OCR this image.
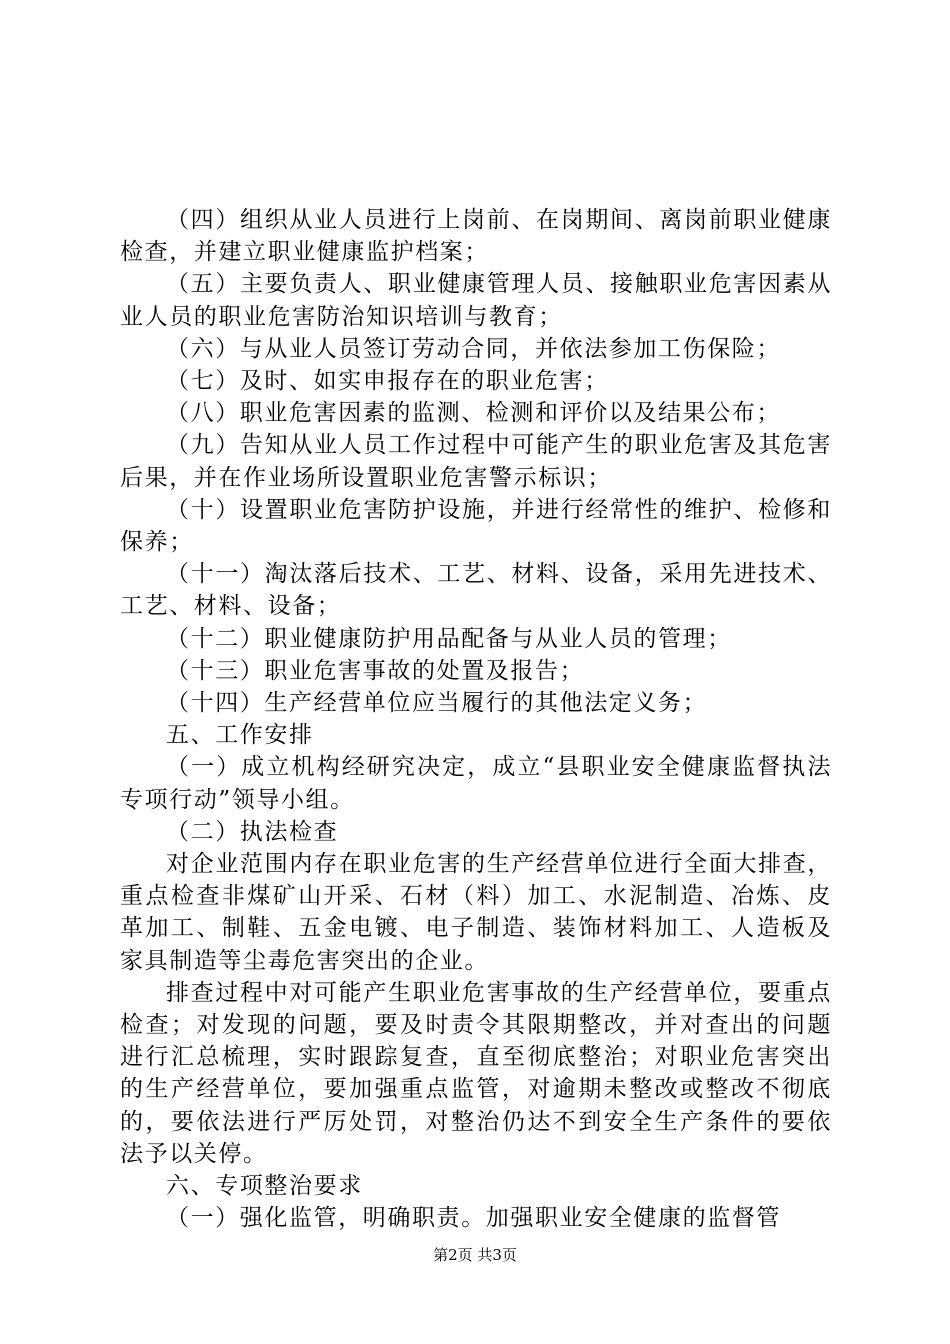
（四）组织从业人员进行上岗前、在岗期间、离岗前职业健康检查，并建立职业健康监护档案；

（五）主要负责人、职业健康管理人员、接触职业危害因素从业人员的职业危害防治知识培训与教育；

（六）与从业人员签订劳动合同，并依法参加工伤保险；

（七）及时、如实申报存在的职业危害；

（八）职业危害因素的监测、检测和评价以及结果公布；

（九）告知从业人员工作过程中可能产生的职业危害及其危害后果，并在作业场所设置职业危害警示标识；

（十）设置职业危害防护设施，并进行经常性的维护、检修和保养；

（十一）淘汰落后技术、工艺、材料、设备，采用先进技术、工艺、材料、设备；

（十二）职业健康防护用品配备与从业人员的管理；

（十三）职业危害事故的处置及报告；

（十四）生产经营单位应当履行的其他法定义务；

五、工作安排

（一）成立机构经研究决定，成立“县职业安全健康监督执法专项行动”领导小组。

（二）执法检查

对企业范围内存在职业危害的生产经营单位进行全面大排查，重点检查非煤矿山开采、石材（料）加工、水泥制造、冶炼、皮革加工、制鞋、五金电镀、电子制造、装饰材料加工、人造板及家具制造等尘毒危害突出的企业。

排查过程中对可能产生职业危害事故的生产经营单位，要重点检查；对发现的问题，要及时责令其限期整改，并对查出的问题进行汇总梳理，实时跟踪复查，直至彻底整治；对职业危害突出的生产经营单位，要加强重点监管，对逾期未整改或整改不彻底的，要依法进行严厉处罚，对整治仍达不到安全生产条件的要依法予以关停。

六、专项整治要求

（一）强化监管，明确职责。加强职业安全健康的监督管

第2页 共3页
